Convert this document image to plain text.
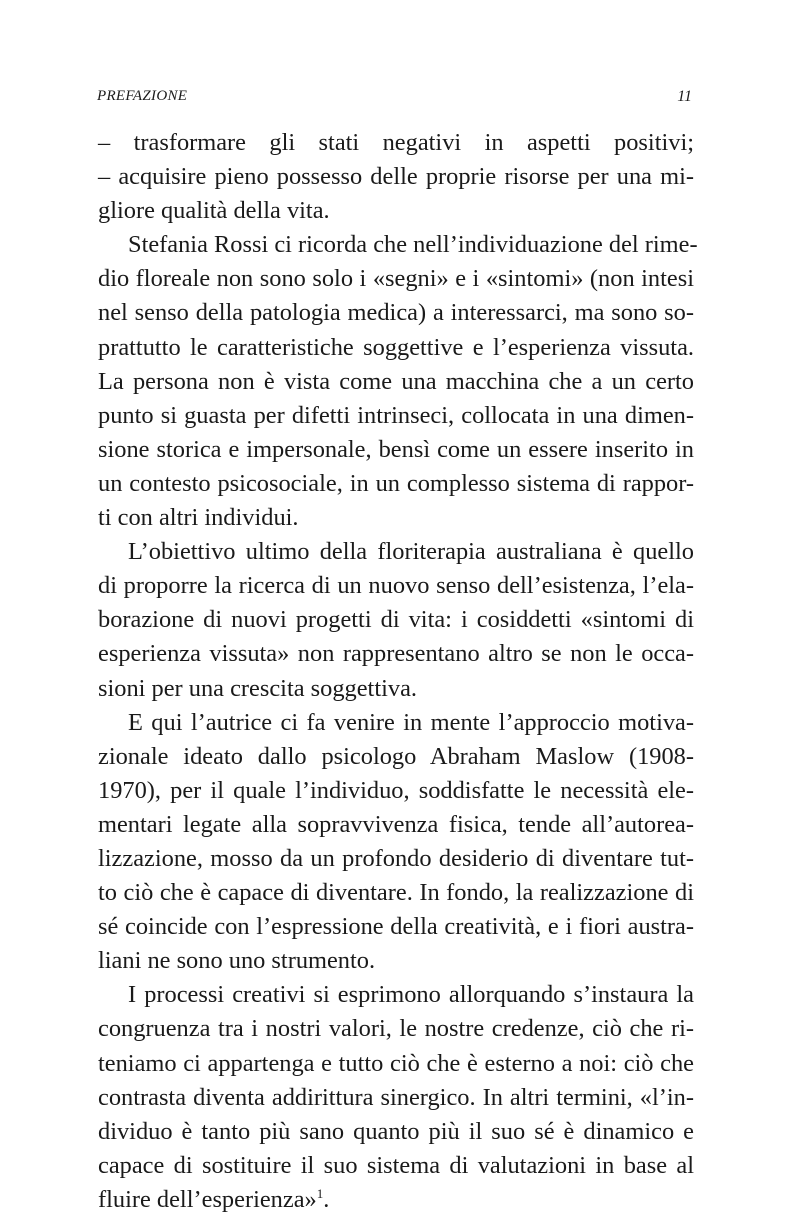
PREFAZIONE	11
– trasformare gli stati negativi in aspetti positivi;
– acquisire pieno possesso delle proprie risorse per una mi-
gliore qualità della vita.
Stefania Rossi ci ricorda che nell’individuazione del rime-
dio floreale non sono solo i «segni» e i «sintomi» (non intesi
nel senso della patologia medica) a interessarci, ma sono so-
prattutto le caratteristiche soggettive e l’esperienza vissuta.
La persona non è vista come una macchina che a un certo
punto si guasta per difetti intrinseci, collocata in una dimen-
sione storica e impersonale, bensì come un essere inserito in
un contesto psicosociale, in un complesso sistema di rappor-
ti con altri individui.
L’obiettivo ultimo della floriterapia australiana è quello
di proporre la ricerca di un nuovo senso dell’esistenza, l’ela-
borazione di nuovi progetti di vita: i cosiddetti «sintomi di
esperienza vissuta» non rappresentano altro se non le occa-
sioni per una crescita soggettiva.
E qui l’autrice ci fa venire in mente l’approccio motiva-
zionale ideato dallo psicologo Abraham Maslow (1908-
1970), per il quale l’individuo, soddisfatte le necessità ele-
mentari legate alla sopravvivenza fisica, tende all’autorea-
lizzazione, mosso da un profondo desiderio di diventare tut-
to ciò che è capace di diventare. In fondo, la realizzazione di
sé coincide con l’espressione della creatività, e i fiori austra-
liani ne sono uno strumento.
I processi creativi si esprimono allorquando s’instaura la
congruenza tra i nostri valori, le nostre credenze, ciò che ri-
teniamo ci appartenga e tutto ciò che è esterno a noi: ciò che
contrasta diventa addirittura sinergico. In altri termini, «l’in-
dividuo è tanto più sano quanto più il suo sé è dinamico e
capace di sostituire il suo sistema di valutazioni in base al
fluire dell’esperienza»$^1$.
